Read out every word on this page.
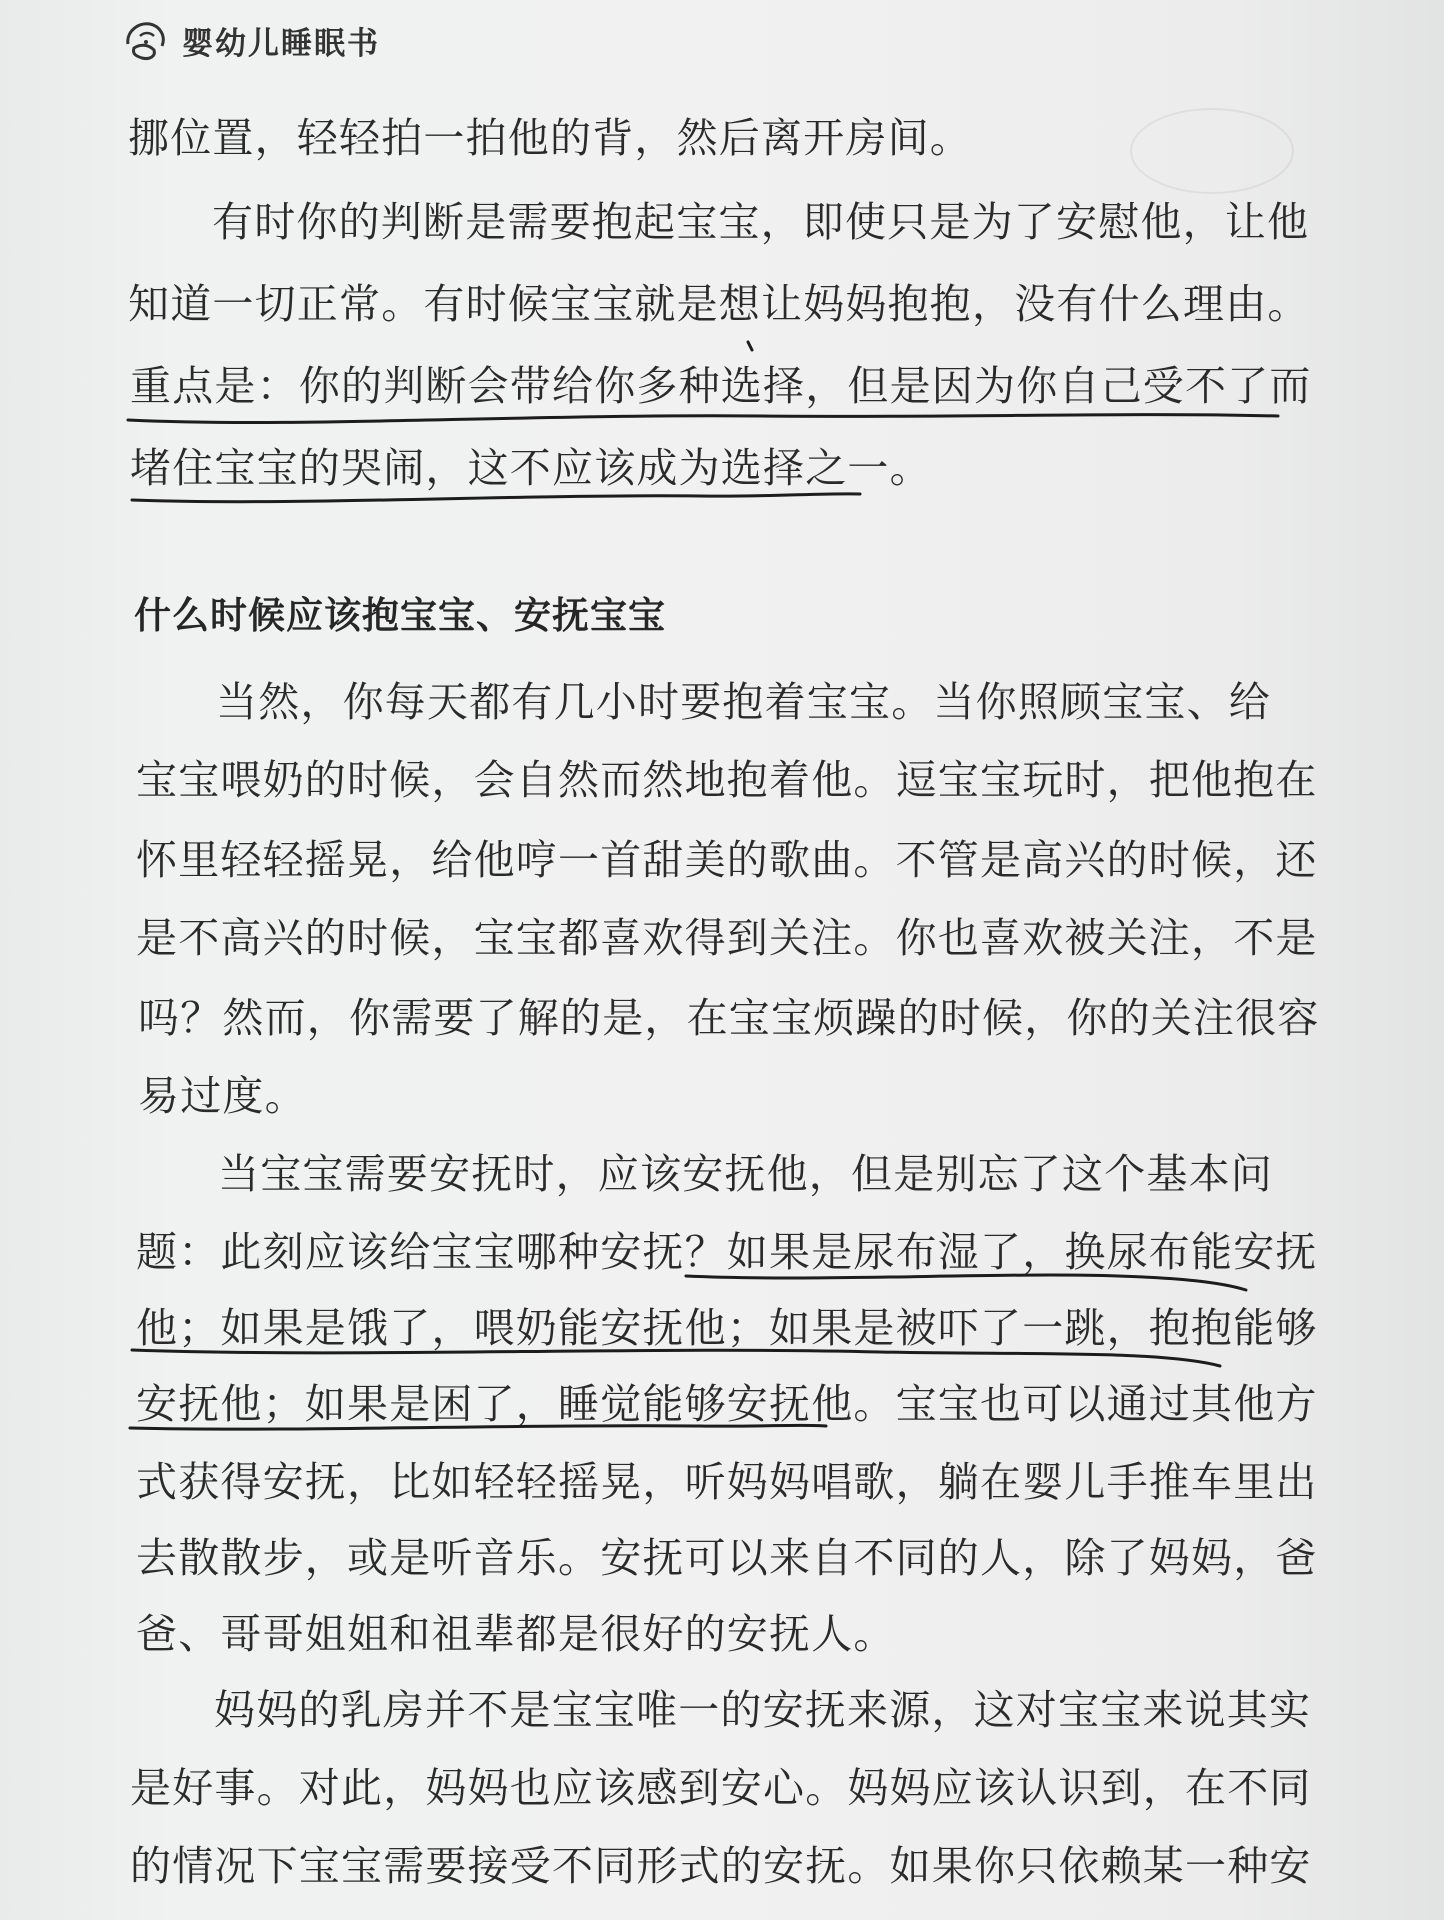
婴幼儿睡眠书
挪位置，轻轻拍一拍他的背，然后离开房间。
有时你的判断是需要抱起宝宝，即使只是为了安慰他，让他
知道一切正常。有时候宝宝就是想让妈妈抱抱，没有什么理由。
重点是：你的判断会带给你多种选择，但是因为你自己受不了而
堵住宝宝的哭闹，这不应该成为选择之一。
什么时候应该抱宝宝、安抚宝宝
当然，你每天都有几小时要抱着宝宝。当你照顾宝宝、给
宝宝喂奶的时候，会自然而然地抱着他。逗宝宝玩时，把他抱在
怀里轻轻摇晃，给他哼一首甜美的歌曲。不管是高兴的时候，还
是不高兴的时候，宝宝都喜欢得到关注。你也喜欢被关注，不是
吗？然而，你需要了解的是，在宝宝烦躁的时候，你的关注很容
易过度。
当宝宝需要安抚时，应该安抚他，但是别忘了这个基本问
题：此刻应该给宝宝哪种安抚？如果是尿布湿了，换尿布能安抚
他；如果是饿了，喂奶能安抚他；如果是被吓了一跳，抱抱能够
安抚他；如果是困了，睡觉能够安抚他。宝宝也可以通过其他方
式获得安抚，比如轻轻摇晃，听妈妈唱歌，躺在婴儿手推车里出
去散散步，或是听音乐。安抚可以来自不同的人，除了妈妈，爸
爸、哥哥姐姐和祖辈都是很好的安抚人。
妈妈的乳房并不是宝宝唯一的安抚来源，这对宝宝来说其实
是好事。对此，妈妈也应该感到安心。妈妈应该认识到，在不同
的情况下宝宝需要接受不同形式的安抚。如果你只依赖某一种安
